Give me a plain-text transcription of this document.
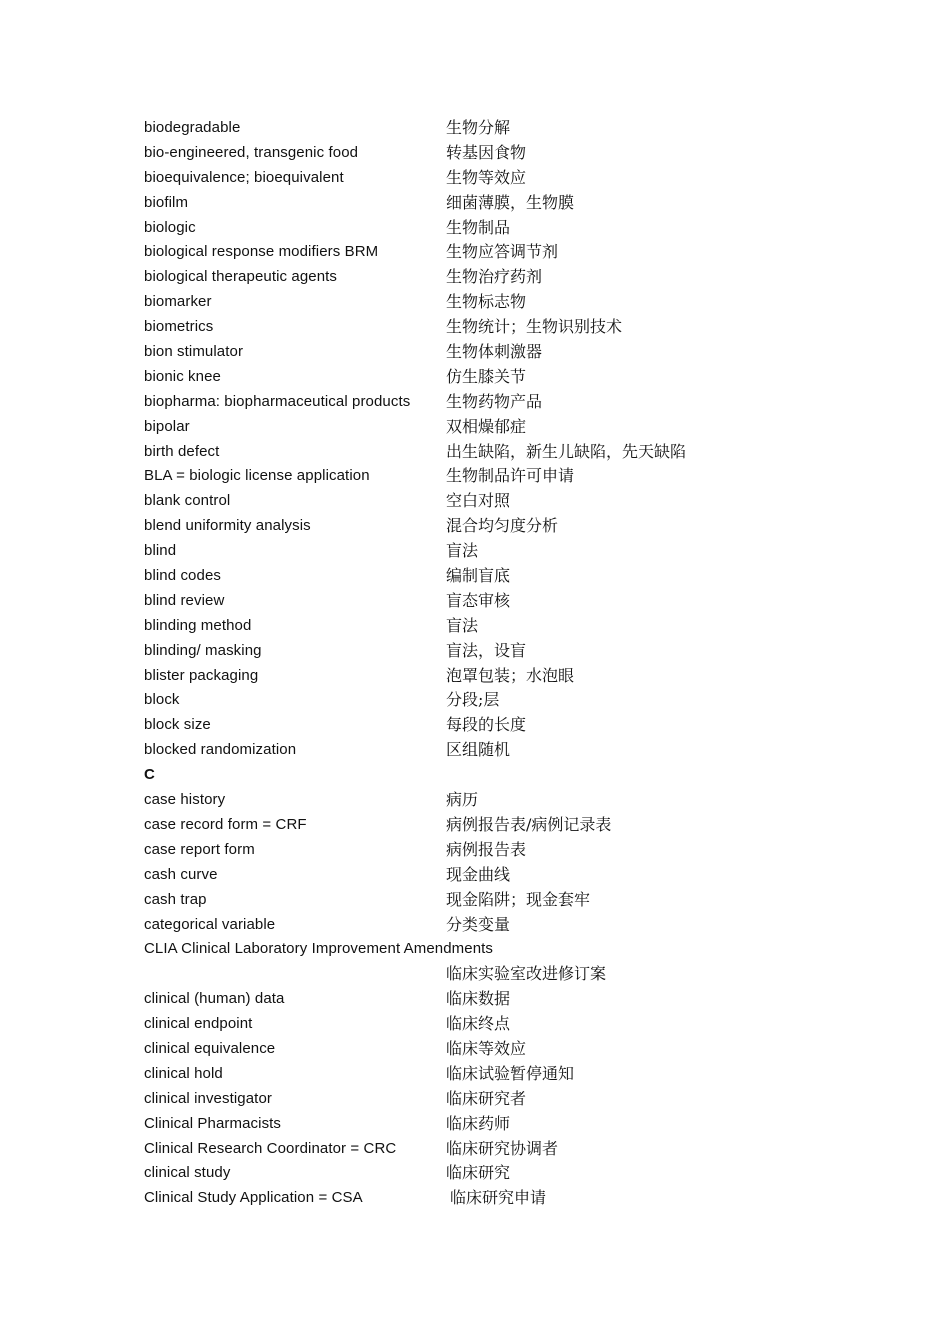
biodegradable	生物分解
bio-engineered, transgenic food	转基因食物
bioequivalence; bioequivalent	生物等效应
biofilm	细菌薄膜，生物膜
biologic	生物制品
biological response modifiers BRM	生物应答调节剂
biological therapeutic agents	生物治疗药剂
biomarker	生物标志物
biometrics	生物统计；生物识别技术
bion stimulator	生物体刺激器
bionic knee	仿生膝关节
biopharma: biopharmaceutical products 生物药物产品
bipolar	双相燥郁症
birth defect	出生缺陷，新生儿缺陷，先天缺陷
BLA = biologic license application	生物制品许可申请
blank control	空白对照
blend uniformity analysis	混合均匀度分析
blind	盲法
blind codes	编制盲底
blind review	盲态审核
blinding method	盲法
blinding/ masking	盲法，设盲
blister packaging	泡罩包装；水泡眼
block	分段;层
block size	每段的长度
blocked randomization	区组随机
C
case history	病历
case record form = CRF	病例报告表/病例记录表
case report form	病例报告表
cash curve	现金曲线
cash trap	现金陷阱；现金套牢
categorical variable	分类变量
CLIA Clinical Laboratory Improvement Amendments
临床实验室改进修订案
clinical (human) data	临床数据
clinical endpoint	临床终点
clinical equivalence	临床等效应
clinical hold	临床试验暂停通知
clinical investigator	临床研究者
Clinical Pharmacists	临床药师
Clinical Research Coordinator = CRC	临床研究协调者
clinical study	临床研究
Clinical Study Application = CSA	临床研究申请
